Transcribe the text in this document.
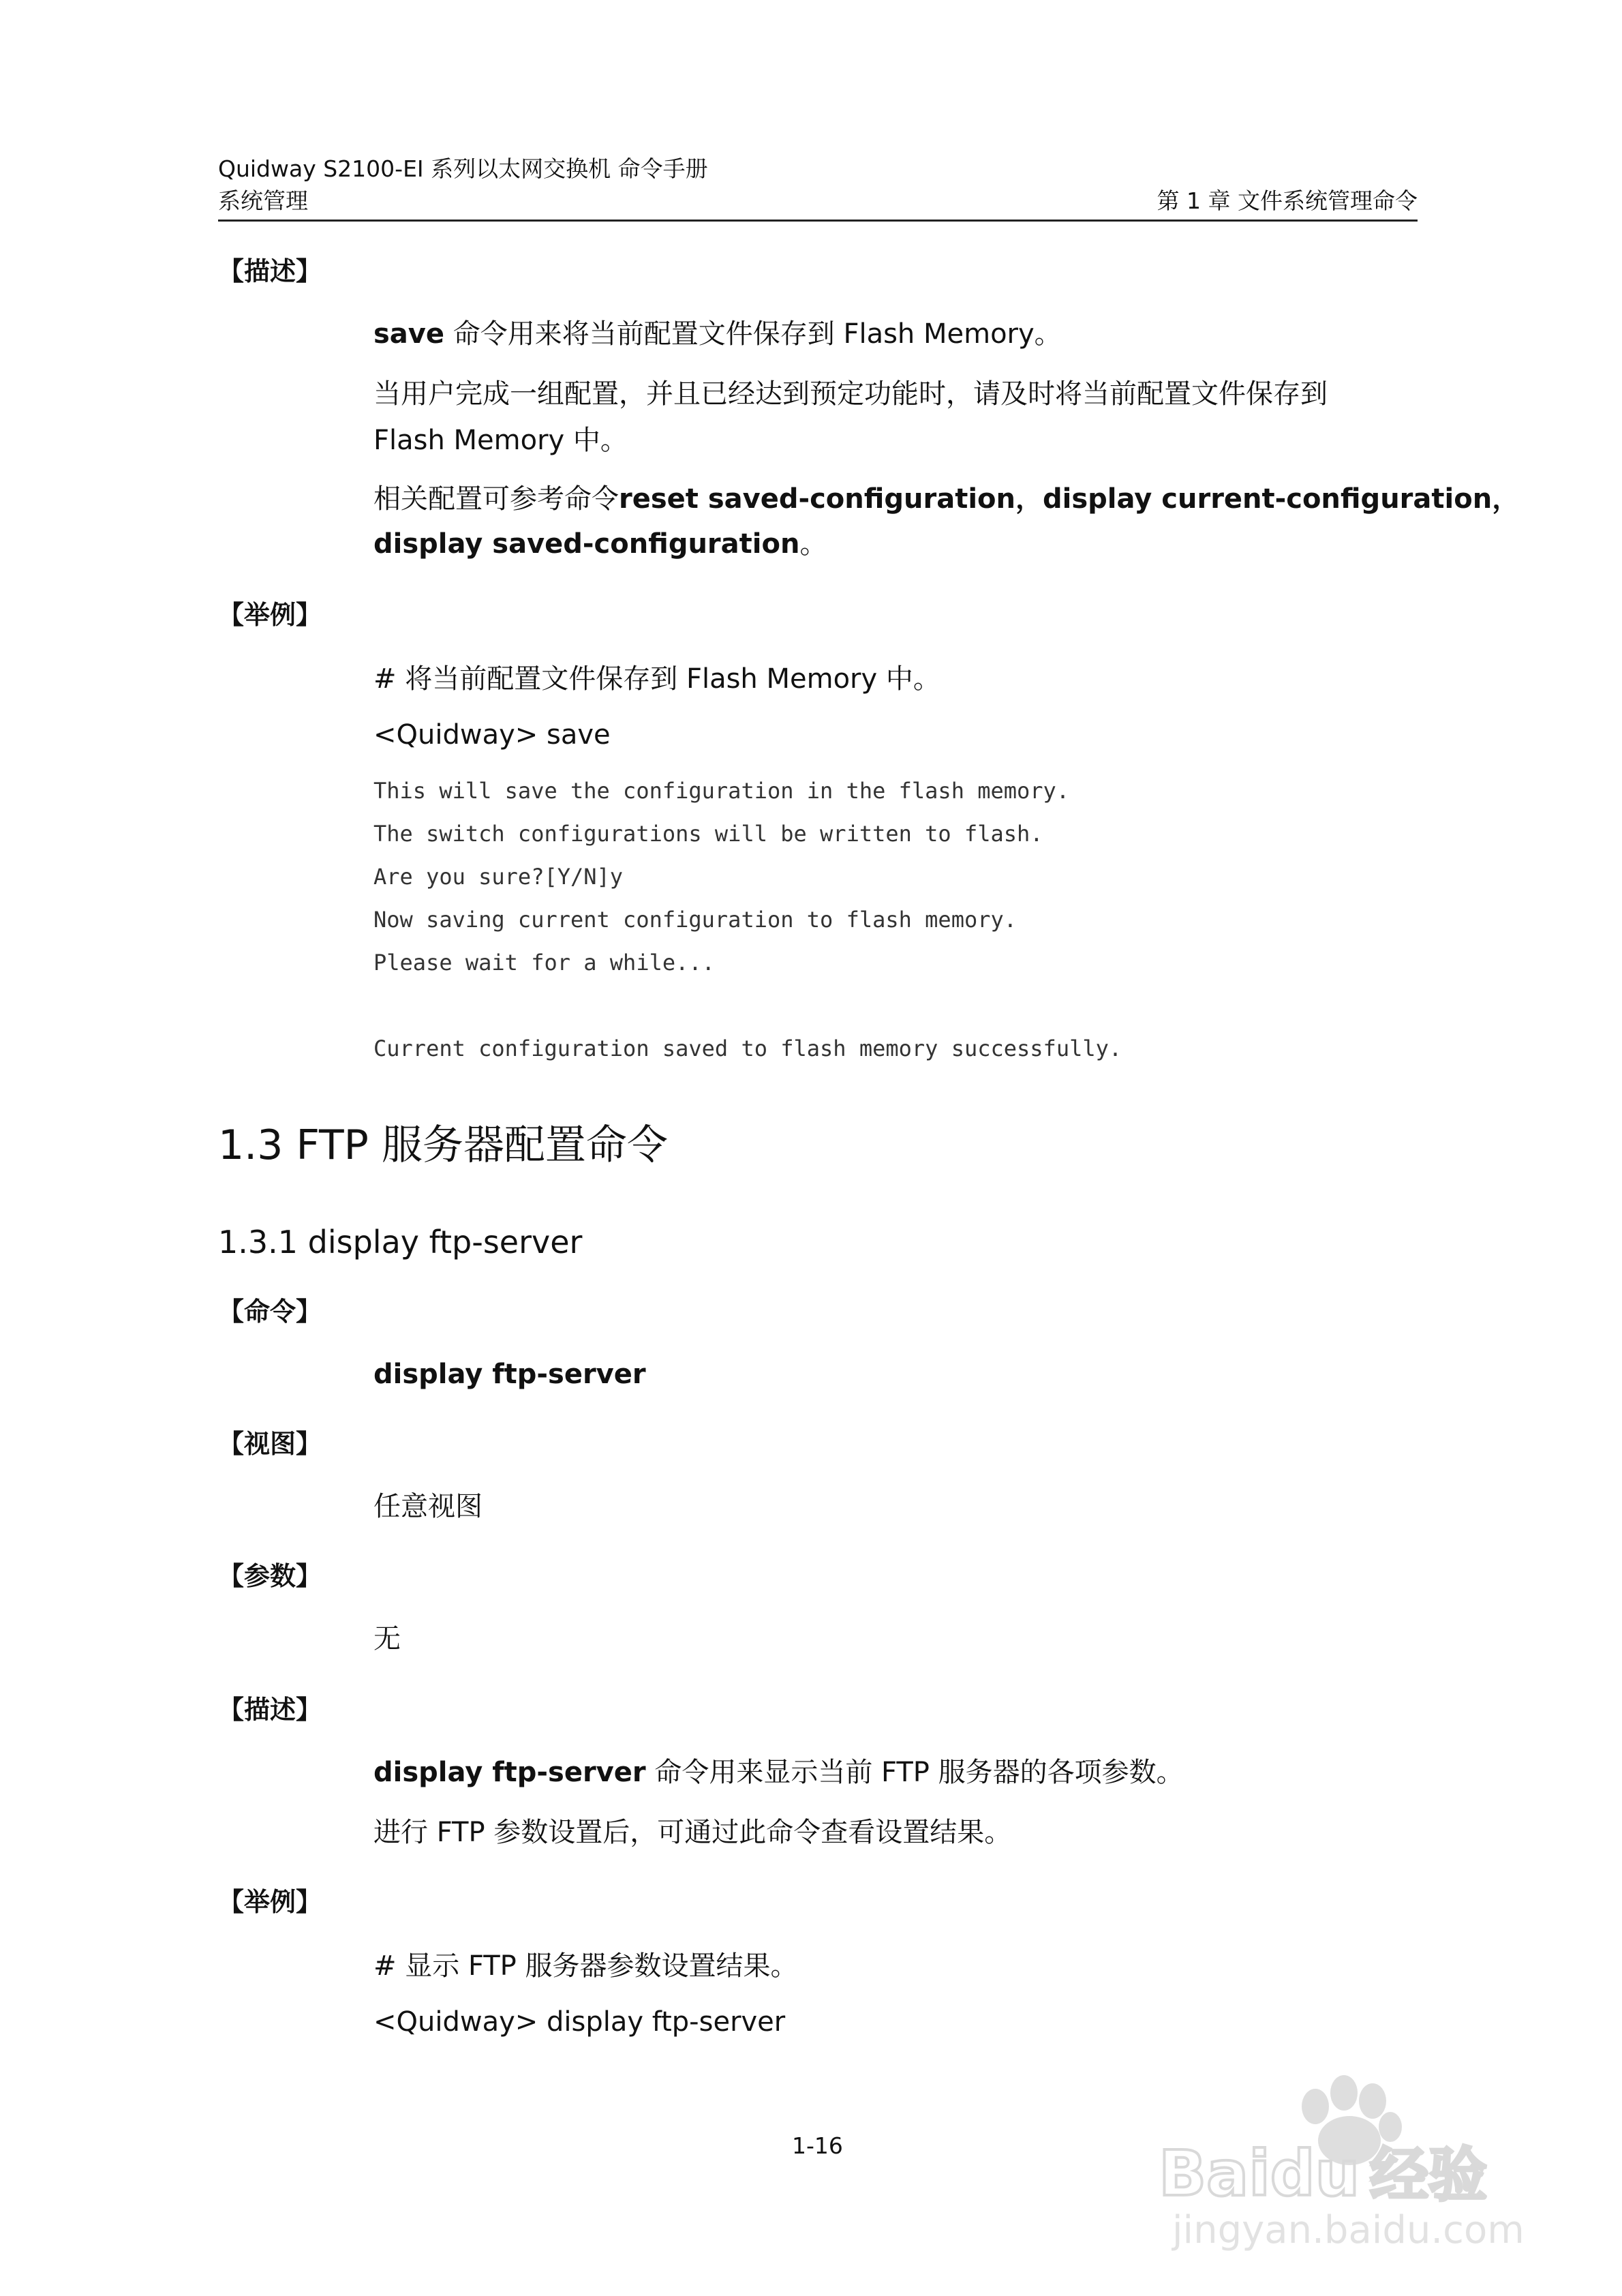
Quidway S2100-EI 系列以太网交换机 命令手册
系统管理	第 1 章 文件系统管理命令
【描述】
save 命令用来将当前配置文件保存到 Flash Memory。
当用户完成一组配置，并且已经达到预定功能时，请及时将当前配置文件保存到
Flash Memory 中。
相关配置可参考命令reset saved-configuration，display current-configuration，
display saved-configuration。
【举例】
# 将当前配置文件保存到 Flash Memory 中。
<Quidway> save
This will save the configuration in the flash memory.
The switch configurations will be written to flash.
Are you sure?[Y/N]y
Now saving current configuration to flash memory.
Please wait for a while...
Current configuration saved to flash memory successfully.
1.3 FTP 服务器配置命令
1.3.1 display ftp-server
【命令】
display ftp-server
【视图】
任意视图
【参数】
无
【描述】
display ftp-server 命令用来显示当前 FTP 服务器的各项参数。
进行 FTP 参数设置后，可通过此命令查看设置结果。
【举例】
# 显示 FTP 服务器参数设置结果。
<Quidway> display ftp-server
1-16	Baidu 经验
jingyan.baidu.com
